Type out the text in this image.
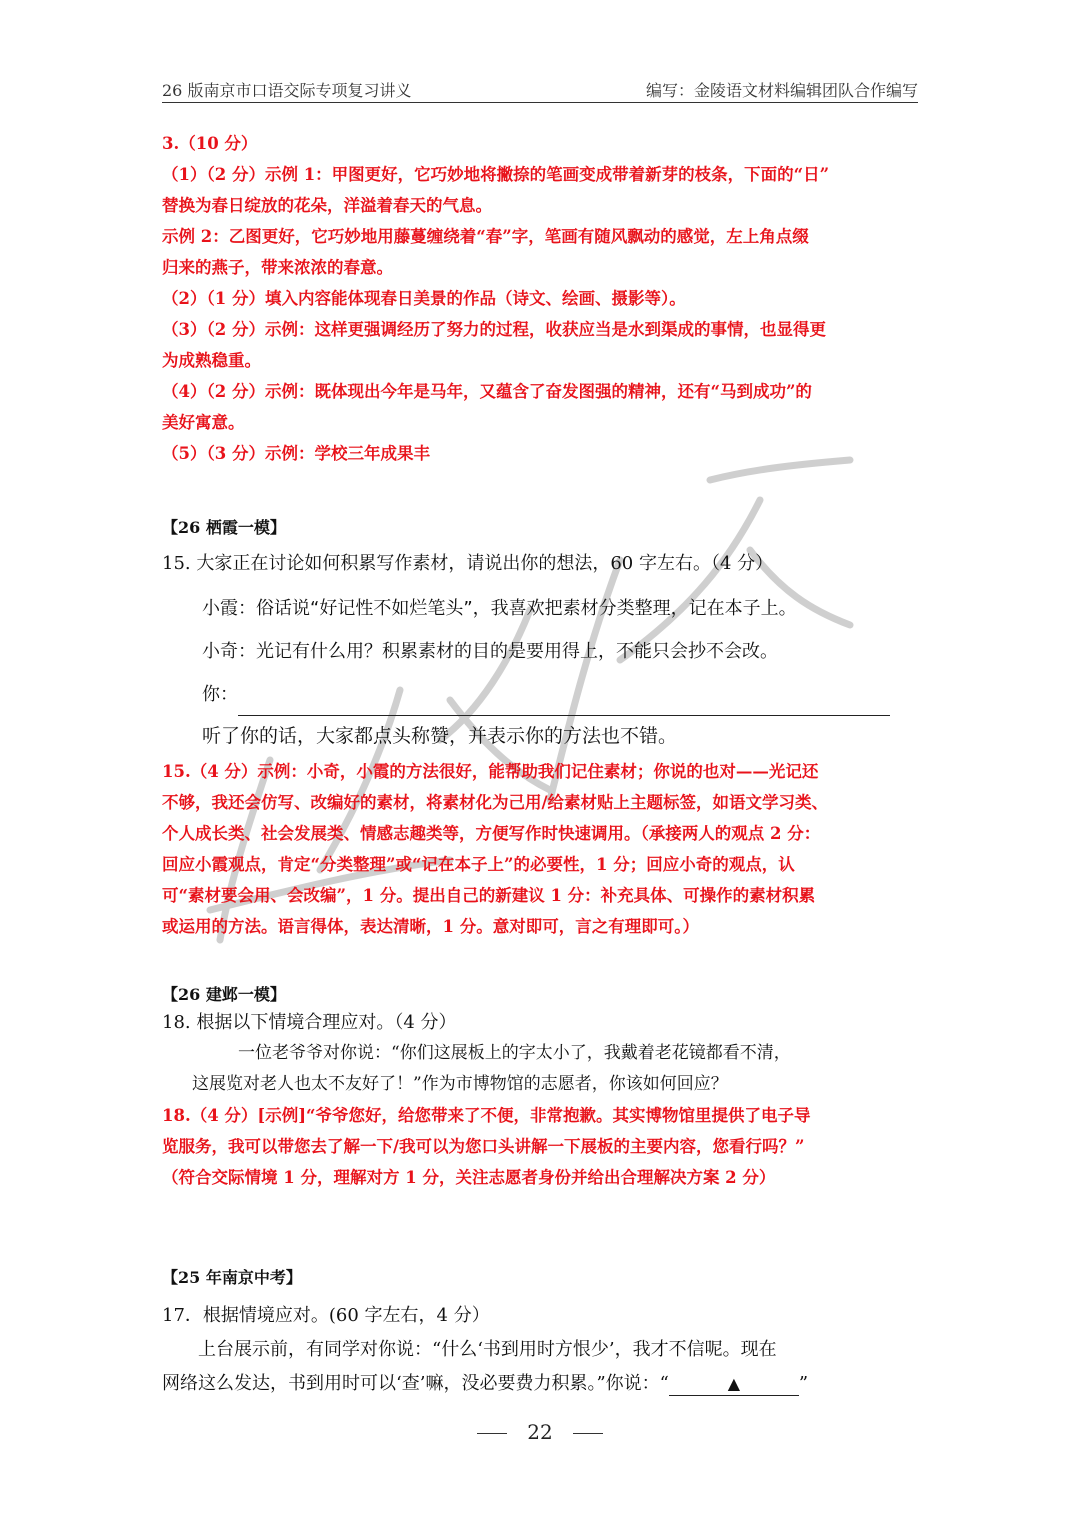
26 版南京市口语交际专项复习讲义	编写：金陵语文材料编辑团队合作编写

3.（10 分）

（1）（2 分）示例 1：甲图更好，它巧妙地将撇捺的笔画变成带着新芽的枝条，下面的“日”

替换为春日绽放的花朵，洋溢着春天的气息。

示例 2：乙图更好，它巧妙地用藤蔓缠绕着“春”字，笔画有随风飘动的感觉，左上角点缀

归来的燕子，带来浓浓的春意。

（2）（1 分）填入内容能体现春日美景的作品（诗文、绘画、摄影等）。

（3）（2 分）示例：这样更强调经历了努力的过程，收获应当是水到渠成的事情，也显得更

为成熟稳重。

（4）（2 分）示例：既体现出今年是马年，又蕴含了奋发图强的精神，还有“马到成功”的

美好寓意。

（5）（3 分）示例：学校三年成果丰

【26 栖霞一模】

15. 大家正在讨论如何积累写作素材，请说出你的想法，60 字左右。（4 分）

小霞：俗话说“好记性不如烂笔头”，我喜欢把素材分类整理，记在本子上。

小奇：光记有什么用？积累素材的目的是要用得上，不能只会抄不会改。

你：

听了你的话，大家都点头称赞，并表示你的方法也不错。

15.（4 分）示例：小奇，小霞的方法很好，能帮助我们记住素材；你说的也对——光记还

不够，我还会仿写、改编好的素材，将素材化为己用/给素材贴上主题标签，如语文学习类、

个人成长类、社会发展类、情感志趣类等，方便写作时快速调用。（承接两人的观点 2 分：

回应小霞观点，肯定“分类整理”或“记在本子上”的必要性，1 分；回应小奇的观点，认

可“素材要会用、会改编”，1 分。提出自己的新建议 1 分：补充具体、可操作的素材积累

或运用的方法。语言得体，表达清晰，1 分。意对即可，言之有理即可。）

【26 建邺一模】

18. 根据以下情境合理应对。（4 分）

一位老爷爷对你说：“你们这展板上的字太小了，我戴着老花镜都看不清，

这展览对老人也太不友好了！”作为市博物馆的志愿者，你该如何回应？

18.（4 分）[示例]“爷爷您好，给您带来了不便，非常抱歉。其实博物馆里提供了电子导

览服务，我可以带您去了解一下/我可以为您口头讲解一下展板的主要内容，您看行吗？”

（符合交际情境 1 分，理解对方 1 分，关注志愿者身份并给出合理解决方案 2 分）

【25 年南京中考】

17．根据情境应对。(60 字左右，4 分）

上台展示前，有同学对你说：“什么‘书到用时方恨少’，我才不信呢。现在

网络这么发达，书到用时可以‘查’嘛，没必要费力积累。”你说：“	▲	”

22
